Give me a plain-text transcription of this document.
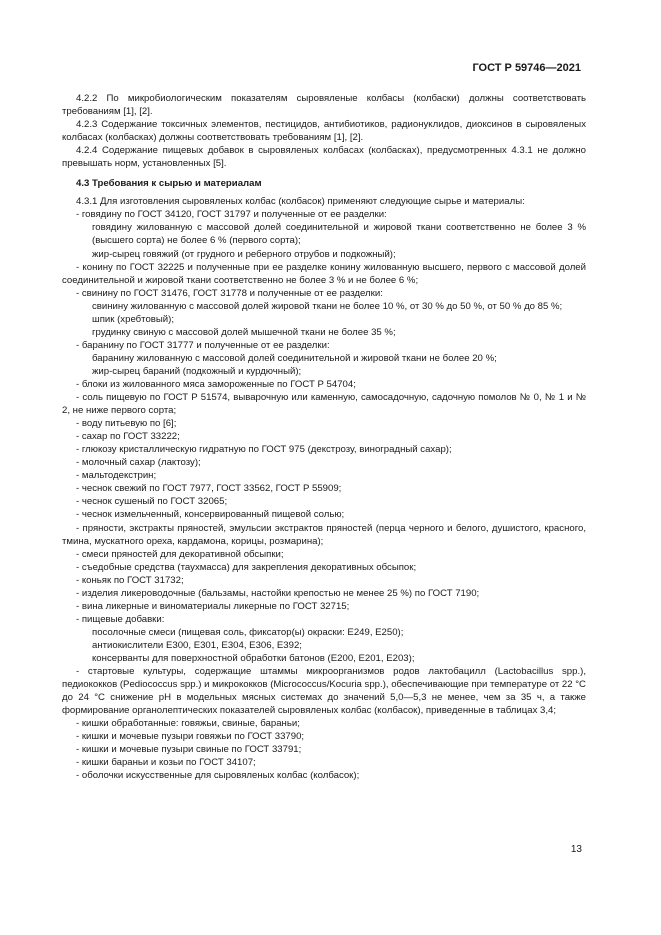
ГОСТ Р 59746—2021

4.2.2 По микробиологическим показателям сыровяленые колбасы (колбаски) должны соответствовать требованиям [1], [2].

4.2.3 Содержание токсичных элементов, пестицидов, антибиотиков, радионуклидов, диоксинов в сыровяленых колбасах (колбасках) должны соответствовать требованиям [1], [2].

4.2.4 Содержание пищевых добавок в сыровяленых колбасах (колбасках), предусмотренных 4.3.1 не должно превышать норм, установленных [5].

4.3 Требования к сырью и материалам

4.3.1 Для изготовления сыровяленых колбас (колбасок) применяют следующие сырье и материалы:

- говядину по ГОСТ 34120, ГОСТ 31797 и полученные от ее разделки:

говядину жилованную с массовой долей соединительной и жировой ткани соответственно не более 3 % (высшего сорта) не более 6 % (первого сорта);

жир-сырец говяжий (от грудного и реберного отрубов и подкожный);

- конину по ГОСТ 32225 и полученные при ее разделке конину жилованную высшего, первого с массовой долей соединительной и жировой ткани соответственно не более 3 % и не более 6 %;

- свинину по ГОСТ 31476, ГОСТ 31778 и полученные от ее разделки:

свинину жилованную с массовой долей жировой ткани не более 10 %, от 30 % до 50 %, от 50 % до 85 %;

шпик (хребтовый);

грудинку свиную с массовой долей мышечной ткани не более 35 %;

- баранину по ГОСТ 31777 и полученные от ее разделки:

баранину жилованную с массовой долей соединительной и жировой ткани не более 20 %;

жир-сырец бараний (подкожный и курдючный);

- блоки из жилованного мяса замороженные по ГОСТ Р 54704;

- соль пищевую по ГОСТ Р 51574, выварочную или каменную, самосадочную, садочную помолов № 0, № 1 и № 2, не ниже первого сорта;

- воду питьевую по [6];

- сахар по ГОСТ 33222;

- глюкозу кристаллическую гидратную по ГОСТ 975 (декстрозу, виноградный сахар);

- молочный сахар (лактозу);

- мальтодекстрин;

- чеснок свежий по ГОСТ 7977, ГОСТ 33562, ГОСТ Р 55909;

- чеснок сушеный по ГОСТ 32065;

- чеснок измельченный, консервированный пищевой солью;

- пряности, экстракты пряностей, эмульсии экстрактов пряностей (перца черного и белого, душистого, красного, тмина, мускатного ореха, кардамона, корицы, розмарина);

- смеси пряностей для декоративной обсыпки;

- съедобные средства (таухмасса) для закрепления декоративных обсыпок;

- коньяк по ГОСТ 31732;

- изделия ликероводочные (бальзамы, настойки крепостью не менее 25 %) по ГОСТ 7190;

- вина ликерные и виноматериалы ликерные по ГОСТ 32715;

- пищевые добавки:

посолочные смеси (пищевая соль, фиксатор(ы) окраски: Е249, Е250);

антиокислители Е300, Е301, Е304, Е306, Е392;

консерванты для поверхностной обработки батонов (Е200, Е201, Е203);

- стартовые культуры, содержащие штаммы микроорганизмов родов лактобацилл (Lactobacillus spp.), педиококков (Pediococcus spp.) и микрококков (Micrococcus/Kocuria spp.), обеспечивающие при температуре от 22 °С до 24 °С снижение pH в модельных мясных системах до значений 5,0—5,3 не менее, чем за 35 ч, а также формирование органолептических показателей сыровяленых колбас (колбасок), приведенные в таблицах 3,4;

- кишки обработанные: говяжьи, свиные, бараньи;

- кишки и мочевые пузыри говяжьи по ГОСТ 33790;

- кишки и мочевые пузыри свиные по ГОСТ 33791;

- кишки бараньи и козьи по ГОСТ 34107;

- оболочки искусственные для сыровяленых колбас (колбасок);

13
